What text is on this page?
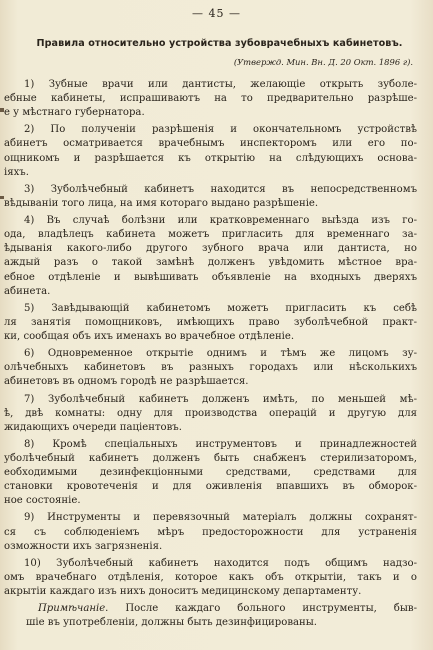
— 45 —
Правила относительно устройства зубоврачебныхъ кабинетовъ.
(Утвержд. Мин. Вн. Д. 20 Окт. 1896 г).
1) Зубные врачи или дантисты, желающіе открыть зуболе-
ебные кабинеты, испрашиваютъ на то предварительно разрѣше-
е у мѣстнаго губернатора.
2) По полученіи разрѣшенія и окончательномъ устройствѣ
абинетъ осматривается врачебнымъ инспекторомъ или его по-
ощникомъ и разрѣшается къ открытію на слѣдующихъ основа-
іяхъ.
3) Зуболѣчебный кабинетъ находится въ непосредственномъ
вѣдываніи того лица, на имя котораго выдано разрѣшеніе.
4) Въ случаѣ болѣзни или кратковременнаго выѣзда изъ го-
ода, владѣлецъ кабинета можетъ пригласить для временнаго за-
ѣдыванія какого-либо другого зубного врача или дантиста, но
аждый разъ о такой замѣнѣ долженъ увѣдомить мѣстное вра-
ебное отдѣленіе и вывѣшивать объявленіе на входныхъ дверяхъ
абинета.
5) Завѣдывающій кабинетомъ можетъ пригласить къ себѣ
ля занятія помощниковъ, имѣющихъ право зуболѣчебной практ-
ки, сообщая объ ихъ именахъ во врачебное отдѣленіе.
6) Одновременное открытіе однимъ и тѣмъ же лицомъ зу-
олѣчебныхъ кабинетовъ въ разныхъ городахъ или нѣсколькихъ
абинетовъ въ одномъ городѣ не разрѣшается.
7) Зуболѣчебный кабинетъ долженъ имѣть, по меньшей мѣ-
ѣ, двѣ комнаты: одну для производства операцій и другую для
жидающихъ очереди пацiентовъ.
8) Кромѣ спеціальныхъ инструментовъ и принадлежностей
уболѣчебный кабинетъ долженъ быть снабженъ стерилизаторомъ,
еобходимыми дезинфекціонными средствами, средствами для
становки кровотеченія и для оживленія впавшихъ въ обморок-
ное состояніе.
9) Инструменты и перевязочный матеріалъ должны сохранят-
ся съ соблюденіемъ мѣръ предосторожности для устраненія
озможности ихъ загрязненія.
10) Зуболѣчебный кабинетъ находится подъ общимъ надзо-
омъ врачебнаго отдѣленія, которое какъ объ открытіи, такъ и о
акрытіи каждаго изъ нихъ доноситъ медицинскому департаменту.
Примѣчаніе. После каждаго больного инструменты, быв-
шіе въ употребленіи, должны быть дезинфицированы.
